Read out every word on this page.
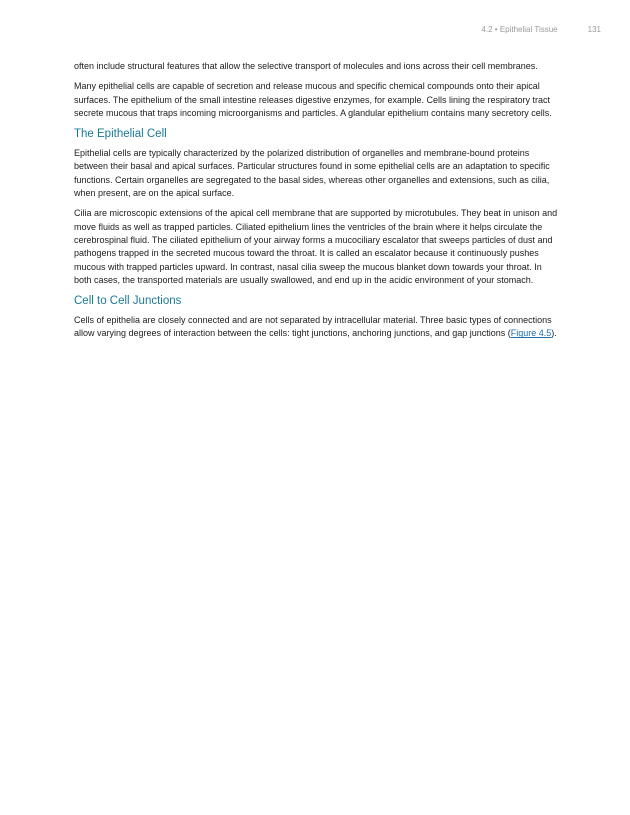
4.2 • Epithelial Tissue	131

often include structural features that allow the selective transport of molecules and ions across their cell membranes.

Many epithelial cells are capable of secretion and release mucous and specific chemical compounds onto their apical surfaces. The epithelium of the small intestine releases digestive enzymes, for example. Cells lining the respiratory tract secrete mucous that traps incoming microorganisms and particles. A glandular epithelium contains many secretory cells.

The Epithelial Cell

Epithelial cells are typically characterized by the polarized distribution of organelles and membrane-bound proteins between their basal and apical surfaces. Particular structures found in some epithelial cells are an adaptation to specific functions. Certain organelles are segregated to the basal sides, whereas other organelles and extensions, such as cilia, when present, are on the apical surface.

Cilia are microscopic extensions of the apical cell membrane that are supported by microtubules. They beat in unison and move fluids as well as trapped particles. Ciliated epithelium lines the ventricles of the brain where it helps circulate the cerebrospinal fluid. The ciliated epithelium of your airway forms a mucociliary escalator that sweeps particles of dust and pathogens trapped in the secreted mucous toward the throat. It is called an escalator because it continuously pushes mucous with trapped particles upward. In contrast, nasal cilia sweep the mucous blanket down towards your throat. In both cases, the transported materials are usually swallowed, and end up in the acidic environment of your stomach.

Cell to Cell Junctions

Cells of epithelia are closely connected and are not separated by intracellular material. Three basic types of connections allow varying degrees of interaction between the cells: tight junctions, anchoring junctions, and gap junctions (Figure 4.5).
